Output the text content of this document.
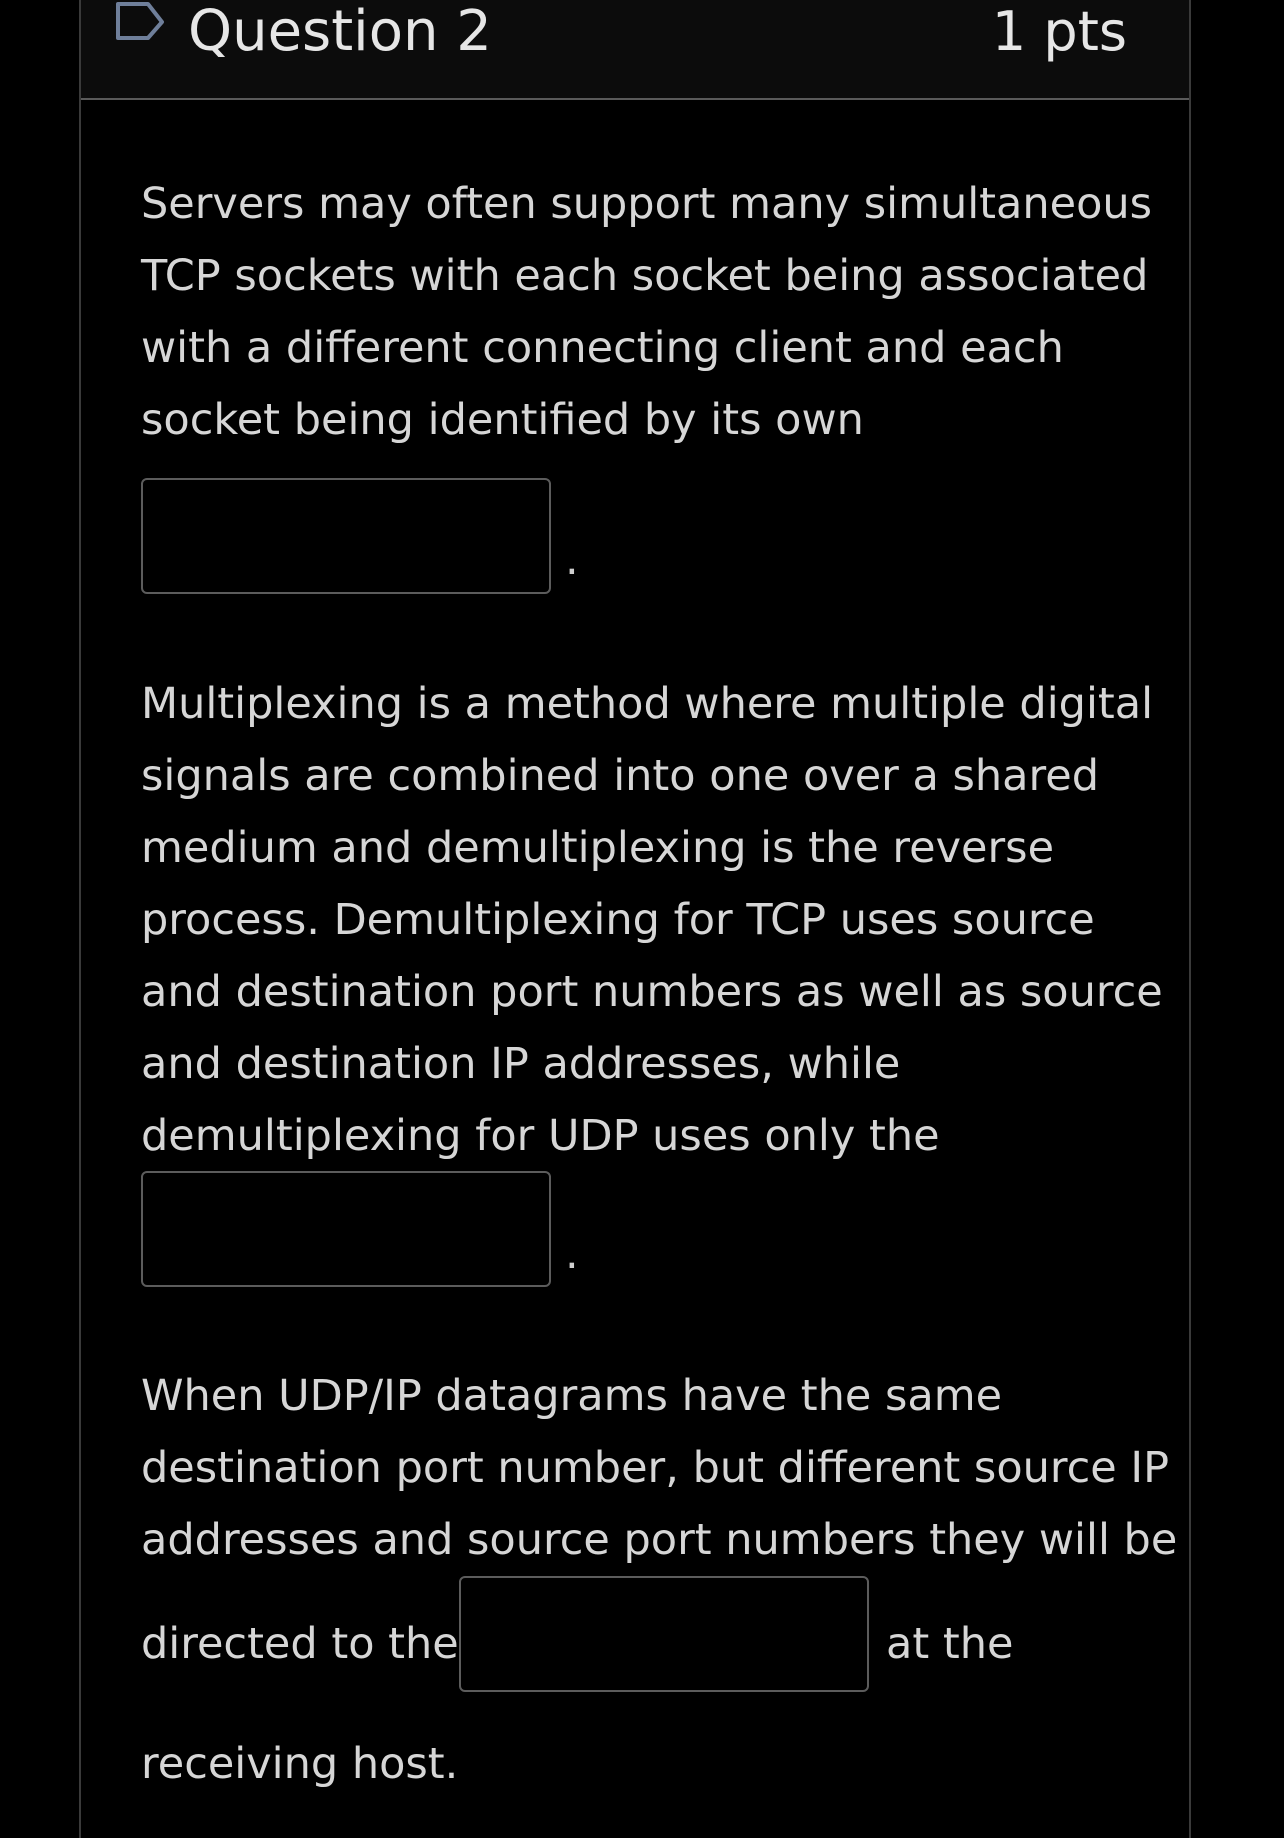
Question 2	1 pts

Servers may often support many simultaneous

TCP sockets with each socket being associated

with a different connecting client and each

socket being identified by its own

.

Multiplexing is a method where multiple digital

signals are combined into one over a shared

medium and demultiplexing is the reverse

process. Demultiplexing for TCP uses source

and destination port numbers as well as source

and destination IP addresses, while

demultiplexing for UDP uses only the

.

When UDP/IP datagrams have the same

destination port number, but different source IP

addresses and source port numbers they will be

directed to the	at the
receiving host.
